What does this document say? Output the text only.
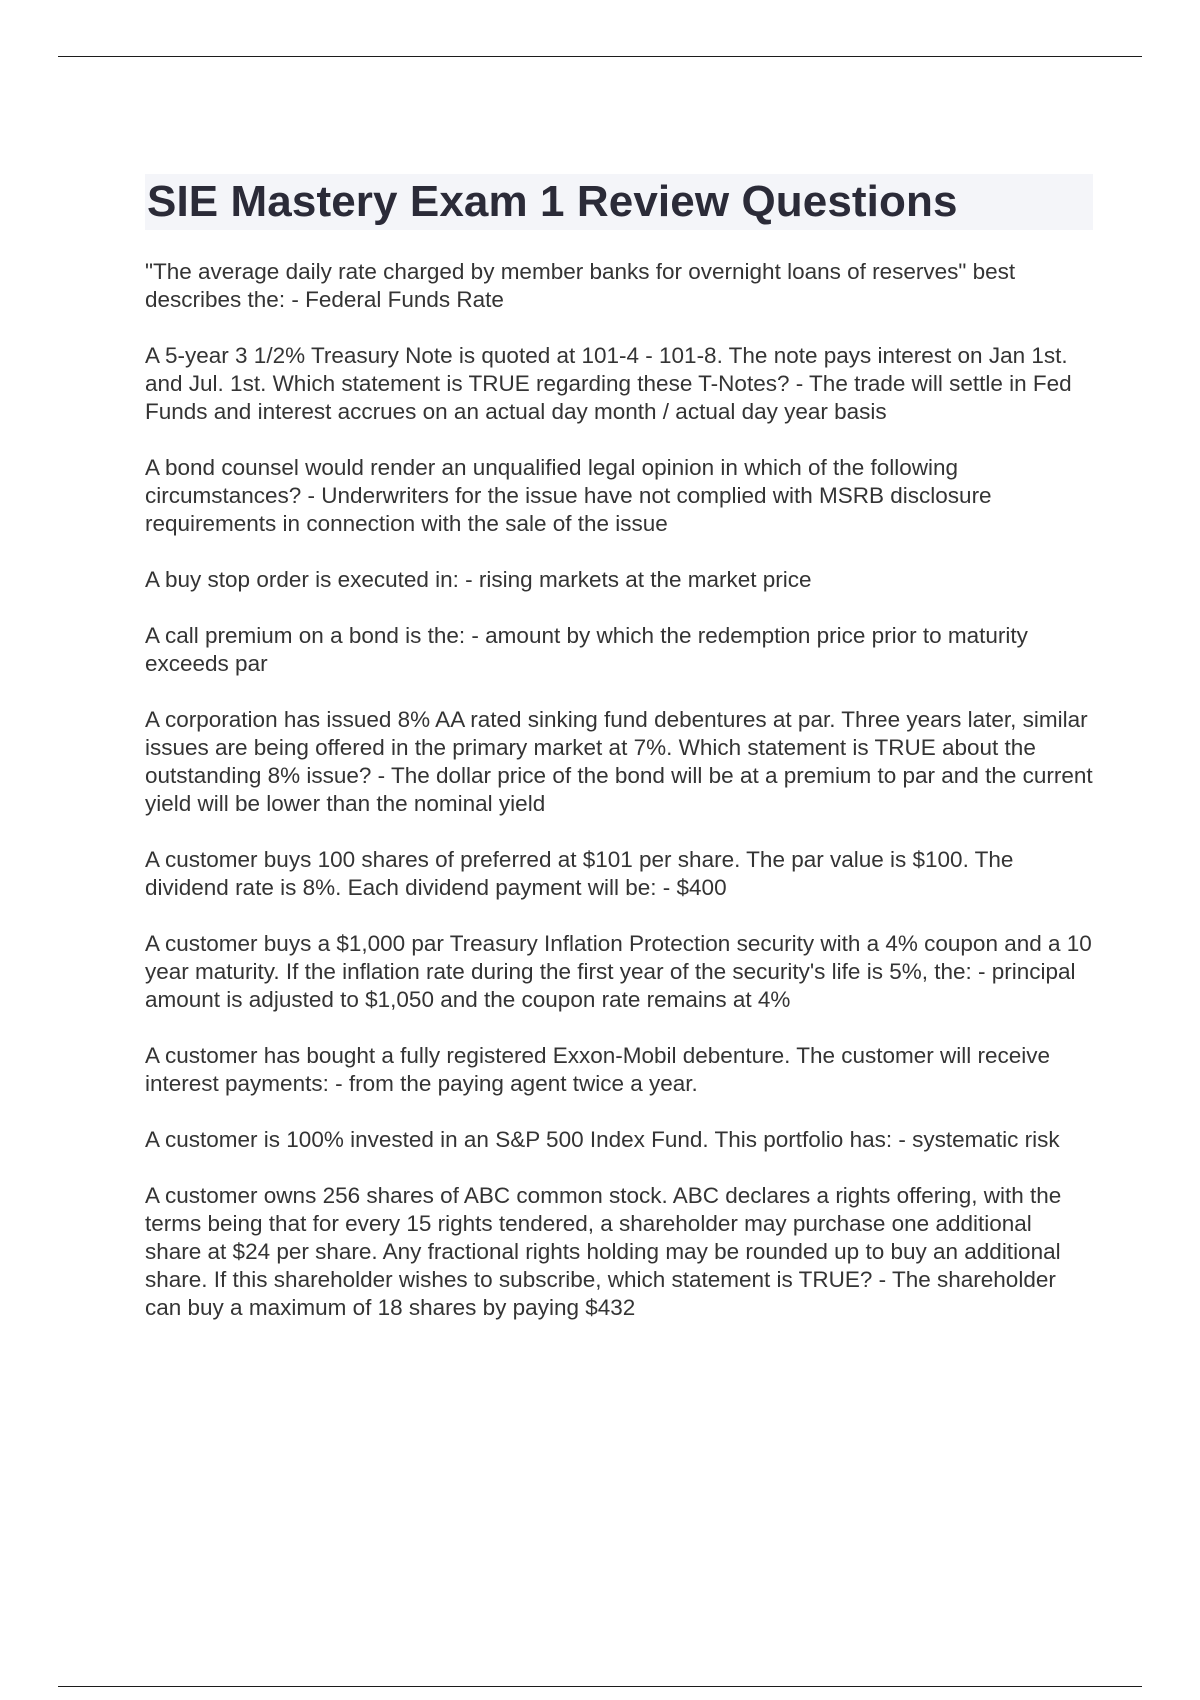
SIE Mastery Exam 1 Review Questions

"The average daily rate charged by member banks for overnight loans of reserves" best describes the: - Federal Funds Rate

A 5-year 3 1/2% Treasury Note is quoted at 101-4 - 101-8. The note pays interest on Jan 1st. and Jul. 1st. Which statement is TRUE regarding these T-Notes? - The trade will settle in Fed Funds and interest accrues on an actual day month / actual day year basis

A bond counsel would render an unqualified legal opinion in which of the following circumstances? - Underwriters for the issue have not complied with MSRB disclosure requirements in connection with the sale of the issue

A buy stop order is executed in: - rising markets at the market price

A call premium on a bond is the: - amount by which the redemption price prior to maturity exceeds par

A corporation has issued 8% AA rated sinking fund debentures at par. Three years later, similar issues are being offered in the primary market at 7%. Which statement is TRUE about the outstanding 8% issue? - The dollar price of the bond will be at a premium to par and the current yield will be lower than the nominal yield

A customer buys 100 shares of preferred at $101 per share. The par value is $100. The dividend rate is 8%. Each dividend payment will be: - $400

A customer buys a $1,000 par Treasury Inflation Protection security with a 4% coupon and a 10 year maturity. If the inflation rate during the first year of the security's life is 5%, the: - principal amount is adjusted to $1,050 and the coupon rate remains at 4%

A customer has bought a fully registered Exxon-Mobil debenture. The customer will receive interest payments: - from the paying agent twice a year.

A customer is 100% invested in an S&P 500 Index Fund. This portfolio has: - systematic risk

A customer owns 256 shares of ABC common stock. ABC declares a rights offering, with the terms being that for every 15 rights tendered, a shareholder may purchase one additional share at $24 per share. Any fractional rights holding may be rounded up to buy an additional share. If this shareholder wishes to subscribe, which statement is TRUE? - The shareholder can buy a maximum of 18 shares by paying $432
